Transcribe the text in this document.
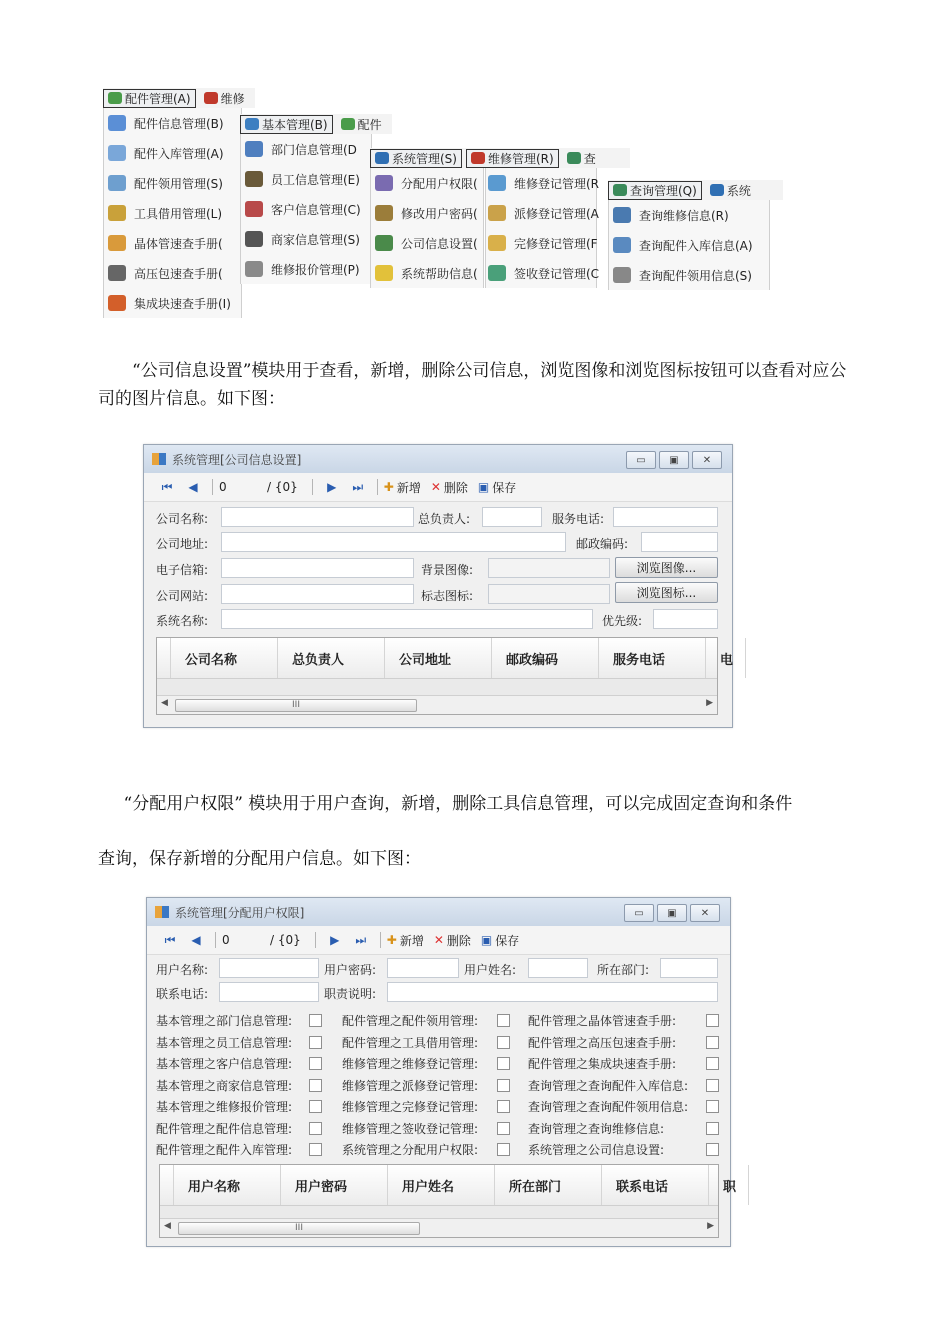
配件管理(A)	维修
配件信息管理(B)
配件入库管理(A)
配件领用管理(S)
工具借用管理(L)
晶体管速查手册(
高压包速查手册(
集成块速查手册(I)
基本管理(B)	配件
部门信息管理(D
员工信息管理(E)
客户信息管理(C)
商家信息管理(S)
维修报价管理(P)
系统管理(S)	维修管理(R)	查
分配用户权限(
修改用户密码(
公司信息设置(
系统帮助信息(
维修登记管理(R
派修登记管理(A
完修登记管理(F
签收登记管理(C
查询管理(Q)	系统
查询维修信息(R)
查询配件入库信息(A)
查询配件领用信息(S)
“公司信息设置”模块用于查看，新增，删除公司信息，浏览图像和浏览图标按钮可以查看对应公司的图片信息。如下图：
系统管理[公司信息设置]	▭	▣	✕
⏮ ◀ 0	/ {0} ▶ ⏭ ✚ 新增 ✕ 删除 ▣ 保存
公司名称:	总负责人:	服务电话:
公司地址:	邮政编码:
电子信箱:	背景图像:	浏览图像...
公司网站:	标志图标:	浏览图标...
系统名称:	优先级:
公司名称	总负责人	公司地址	邮政编码	服务电话	电
◀	III	▶
“分配用户权限” 模块用于用户查询，新增，删除工具信息管理，可以完成固定查询和条件
查询，保存新增的分配用户信息。如下图：
系统管理[分配用户权限]	▭	▣	✕
⏮ ◀ 0	/ {0} ▶ ⏭ ✚ 新增 ✕ 删除 ▣ 保存
用户名称:	用户密码:	用户姓名:	所在部门:
联系电话:	职责说明:
基本管理之部门信息管理:	配件管理之配件领用管理:	配件管理之晶体管速查手册:
基本管理之员工信息管理:	配件管理之工具借用管理:	配件管理之高压包速查手册:
基本管理之客户信息管理:	维修管理之维修登记管理:	配件管理之集成块速查手册:
基本管理之商家信息管理:	维修管理之派修登记管理:	查询管理之查询配件入库信息:
基本管理之维修报价管理:	维修管理之完修登记管理:	查询管理之查询配件领用信息:
配件管理之配件信息管理:	维修管理之签收登记管理:	查询管理之查询维修信息:
配件管理之配件入库管理:	系统管理之分配用户权限:	系统管理之公司信息设置:
用户名称	用户密码	用户姓名	所在部门	联系电话	职
◀	III	▶
